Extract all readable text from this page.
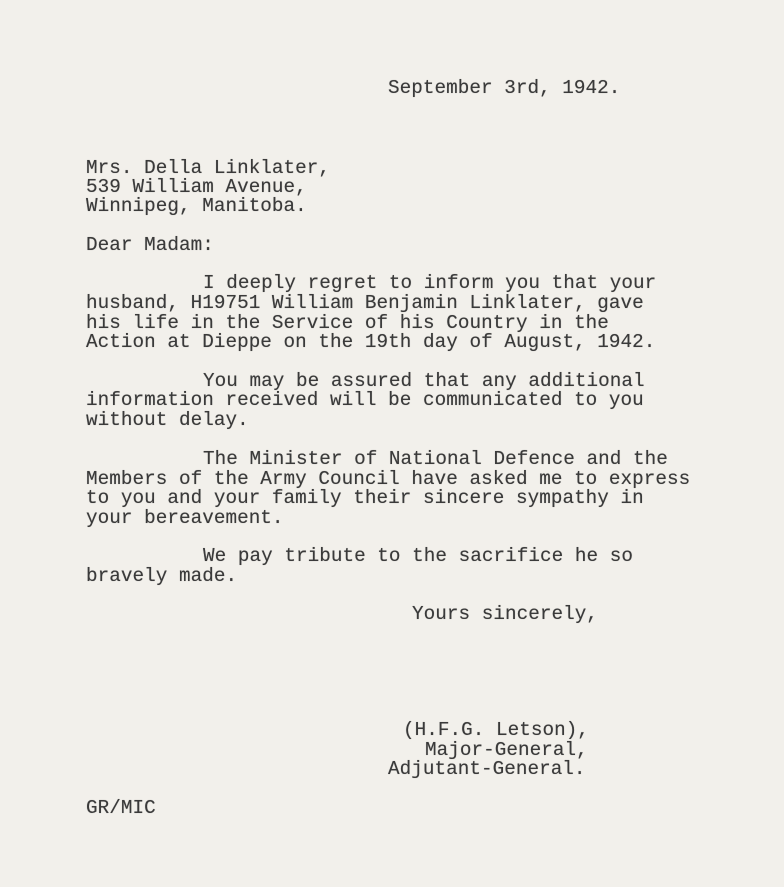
September 3rd, 1942.
Mrs. Della Linklater,
539 William Avenue,
Winnipeg, Manitoba.
Dear Madam:
I deeply regret to inform you that your
husband, H19751 William Benjamin Linklater, gave
his life in the Service of his Country in the
Action at Dieppe on the 19th day of August, 1942.
You may be assured that any additional
information received will be communicated to you
without delay.
The Minister of National Defence and the
Members of the Army Council have asked me to express
to you and your family their sincere sympathy in
your bereavement.
We pay tribute to the sacrifice he so
bravely made.
Yours sincerely,
(H.F.G. Letson),
Major-General,
Adjutant-General.
GR/MIC
